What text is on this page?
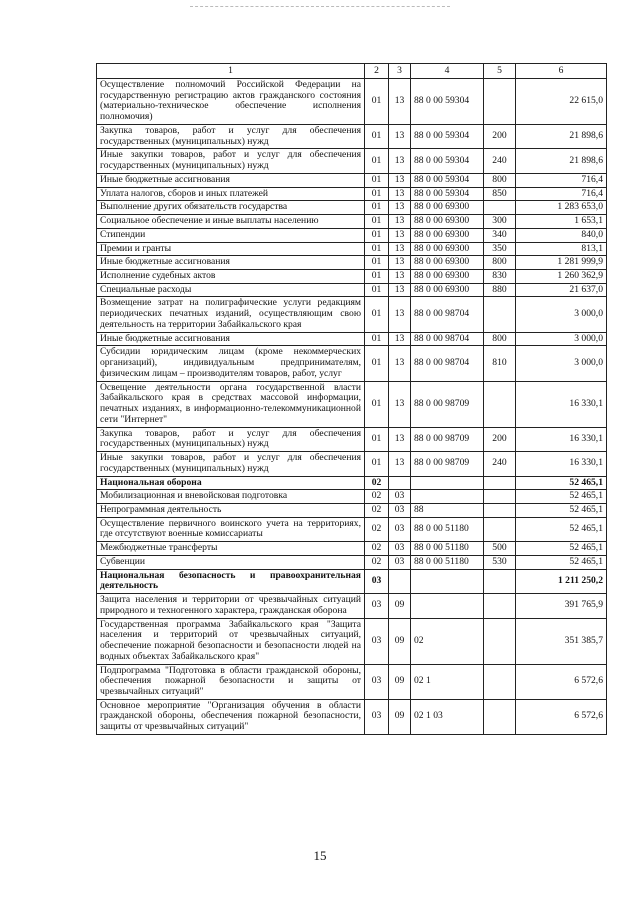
1	2	3	4	5	6
Осуществление полномочий Российской Федерации на государственную регистрацию актов гражданского состояния (материально-техническое обеспечение исполнения полномочия)	01	13	88 0 00 59304		22 615,0
Закупка товаров, работ и услуг для обеспечения государственных (муниципальных) нужд	01	13	88 0 00 59304	200	21 898,6
Иные закупки товаров, работ и услуг для обеспечения государственных (муниципальных) нужд	01	13	88 0 00 59304	240	21 898,6
Иные бюджетные ассигнования	01	13	88 0 00 59304	800	716,4
Уплата налогов, сборов и иных платежей	01	13	88 0 00 59304	850	716,4
Выполнение других обязательств государства	01	13	88 0 00 69300		1 283 653,0
Социальное обеспечение и иные выплаты населению	01	13	88 0 00 69300	300	1 653,1
Стипендии	01	13	88 0 00 69300	340	840,0
Премии и гранты	01	13	88 0 00 69300	350	813,1
Иные бюджетные ассигнования	01	13	88 0 00 69300	800	1 281 999,9
Исполнение судебных актов	01	13	88 0 00 69300	830	1 260 362,9
Специальные расходы	01	13	88 0 00 69300	880	21 637,0
Возмещение затрат на полиграфические услуги редакциям периодических печатных изданий, осуществляющим свою деятельность на территории Забайкальского края	01	13	88 0 00 98704		3 000,0
Иные бюджетные ассигнования	01	13	88 0 00 98704	800	3 000,0
Субсидии юридическим лицам (кроме некоммерческих организаций), индивидуальным предпринимателям, физическим лицам – производителям товаров, работ, услуг	01	13	88 0 00 98704	810	3 000,0
Освещение деятельности органа государственной власти Забайкальского края в средствах массовой информации, печатных изданиях, в информационно-телекоммуникационной сети "Интернет"	01	13	88 0 00 98709		16 330,1
Закупка товаров, работ и услуг для обеспечения государственных (муниципальных) нужд	01	13	88 0 00 98709	200	16 330,1
Иные закупки товаров, работ и услуг для обеспечения государственных (муниципальных) нужд	01	13	88 0 00 98709	240	16 330,1
Национальная оборона	02				52 465,1
Мобилизационная и вневойсковая подготовка	02	03			52 465,1
Непрограммная деятельность	02	03	88		52 465,1
Осуществление первичного воинского учета на территориях, где отсутствуют военные комиссариаты	02	03	88 0 00 51180		52 465,1
Межбюджетные трансферты	02	03	88 0 00 51180	500	52 465,1
Субвенции	02	03	88 0 00 51180	530	52 465,1
Национальная безопасность и правоохранительная деятельность	03				1 211 250,2
Защита населения и территории от чрезвычайных ситуаций природного и техногенного характера, гражданская оборона	03	09			391 765,9
Государственная программа Забайкальского края "Защита населения и территорий от чрезвычайных ситуаций, обеспечение пожарной безопасности и безопасности людей на водных объектах Забайкальского края"	03	09	02		351 385,7
Подпрограмма "Подготовка в области гражданской обороны, обеспечения пожарной безопасности и защиты от чрезвычайных ситуаций"	03	09	02 1		6 572,6
Основное мероприятие "Организация обучения в области гражданской обороны, обеспечения пожарной безопасности, защиты от чрезвычайных ситуаций"	03	09	02 1 03		6 572,6
15
